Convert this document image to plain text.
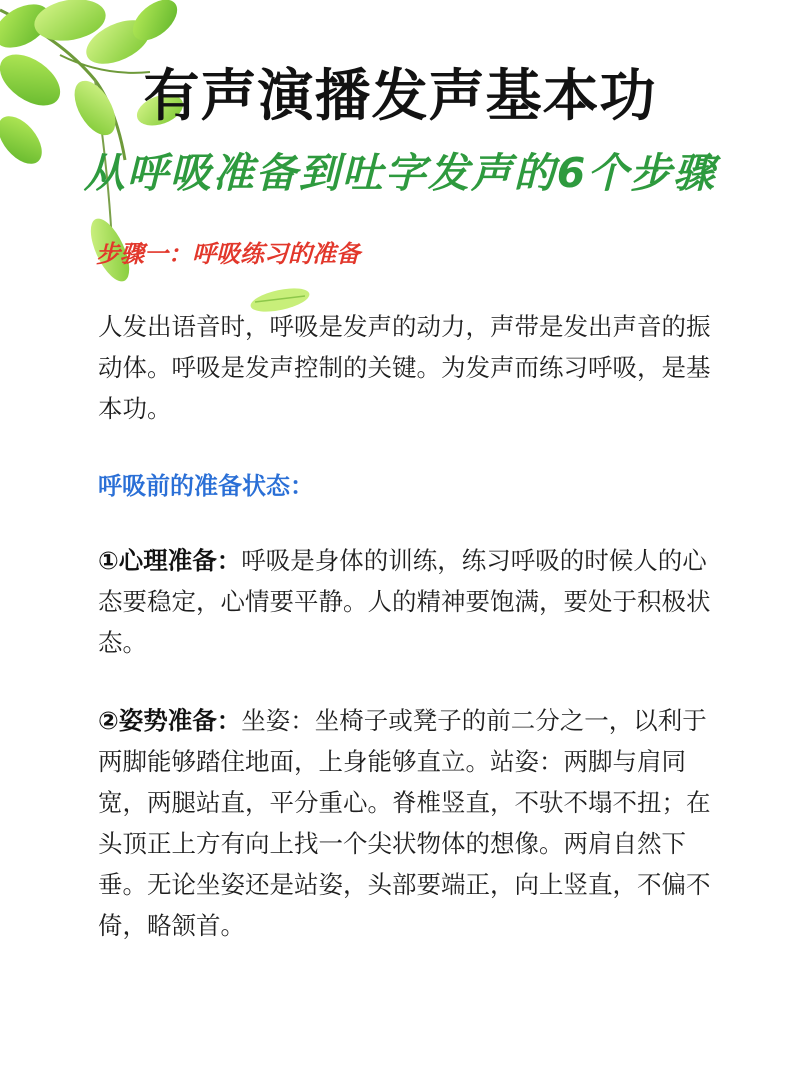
有声演播发声基本功
从呼吸准备到吐字发声的6个步骤
步骤一：呼吸练习的准备
人发出语音时，呼吸是发声的动力，声带是发出声音的振动体。呼吸是发声控制的关键。为发声而练习呼吸，是基本功。
呼吸前的准备状态：
①心理准备：呼吸是身体的训练，练习呼吸的时候人的心态要稳定，心情要平静。人的精神要饱满，要处于积极状态。
②姿势准备：坐姿：坐椅子或凳子的前二分之一，以利于两脚能够踏住地面，上身能够直立。站姿：两脚与肩同宽，两腿站直，平分重心。脊椎竖直，不驮不塌不扭；在头顶正上方有向上找一个尖状物体的想像。两肩自然下垂。无论坐姿还是站姿，头部要端正，向上竖直，不偏不倚，略颔首。
